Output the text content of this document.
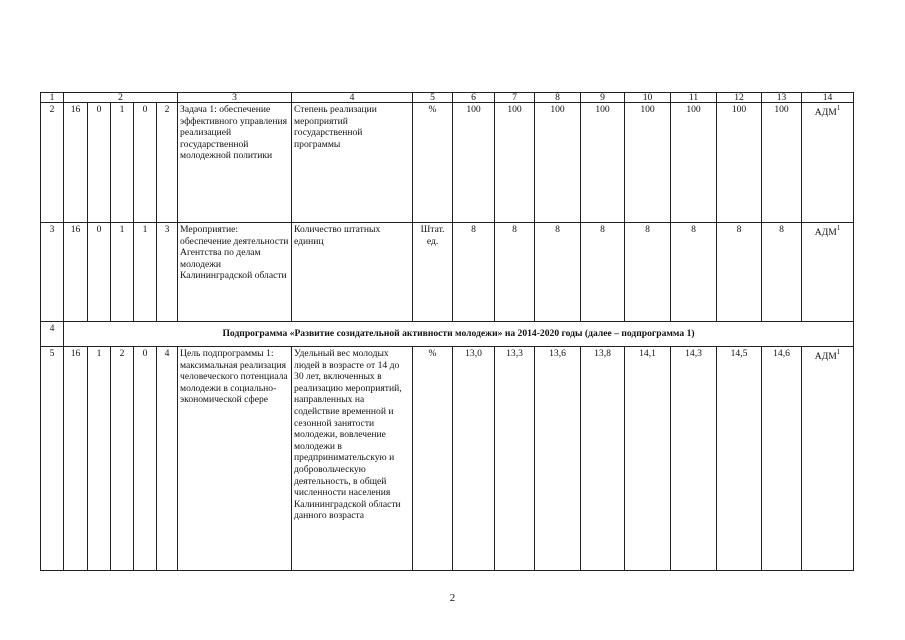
1	2					3	4	5	6	7	8	9	10	11	12	13	14
2	16	0	1	0	2	Задача 1: обеспечение эффективного управления реализацией государственной молодежной политики	Степень реализации мероприятий государственной программы	%	100	100	100	100	100	100	100	100	АДМ$^1$
3	16	0	1	1	3	Мероприятие: обеспечение деятельности Агентства по делам молодежи Калининградской области	Количество штатных единиц	Штат. ед.	8	8	8	8	8	8	8	8	АДМ$^1$
4	Подпрограмма «Развитие созидательной активности молодежи» на 2014-2020 годы (далее – подпрограмма 1)																
5	16	1	2	0	4	Цель подпрограммы 1: максимальная реализация человеческого потенциала молодежи в социально-экономической сфере	Удельный вес молодых людей в возрасте от 14 до 30 лет, включенных в реализацию мероприятий, направленных на содействие временной и сезонной занятости молодежи, вовлечение молодежи в предпринимательскую и добровольческую деятельность, в общей численности населения Калининградской области данного возраста	%	13,0	13,3	13,6	13,8	14,1	14,3	14,5	14,6	АДМ$^1$
2
